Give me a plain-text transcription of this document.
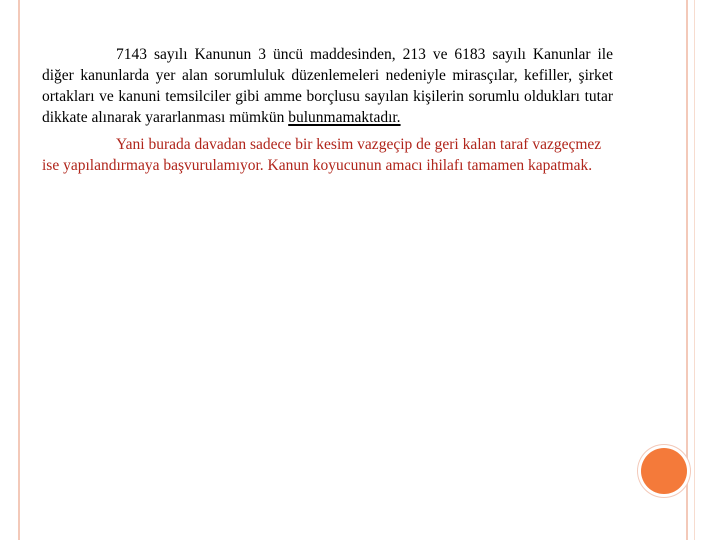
7143 sayılı Kanunun 3 üncü maddesinden, 213 ve 6183 sayılı Kanunlar ile diğer kanunlarda yer alan sorumluluk düzenlemeleri nedeniyle mirasçılar, kefiller, şirket ortakları ve kanuni temsilciler gibi amme borçlusu sayılan kişilerin sorumlu oldukları tutar dikkate alınarak yararlanması mümkün bulunmamaktadır.

Yani burada davadan sadece bir kesim vazgeçip de geri kalan taraf vazgeçmez ise yapılandırmaya başvurulamıyor. Kanun koyucunun amacı ihilafı tamamen kapatmak.
